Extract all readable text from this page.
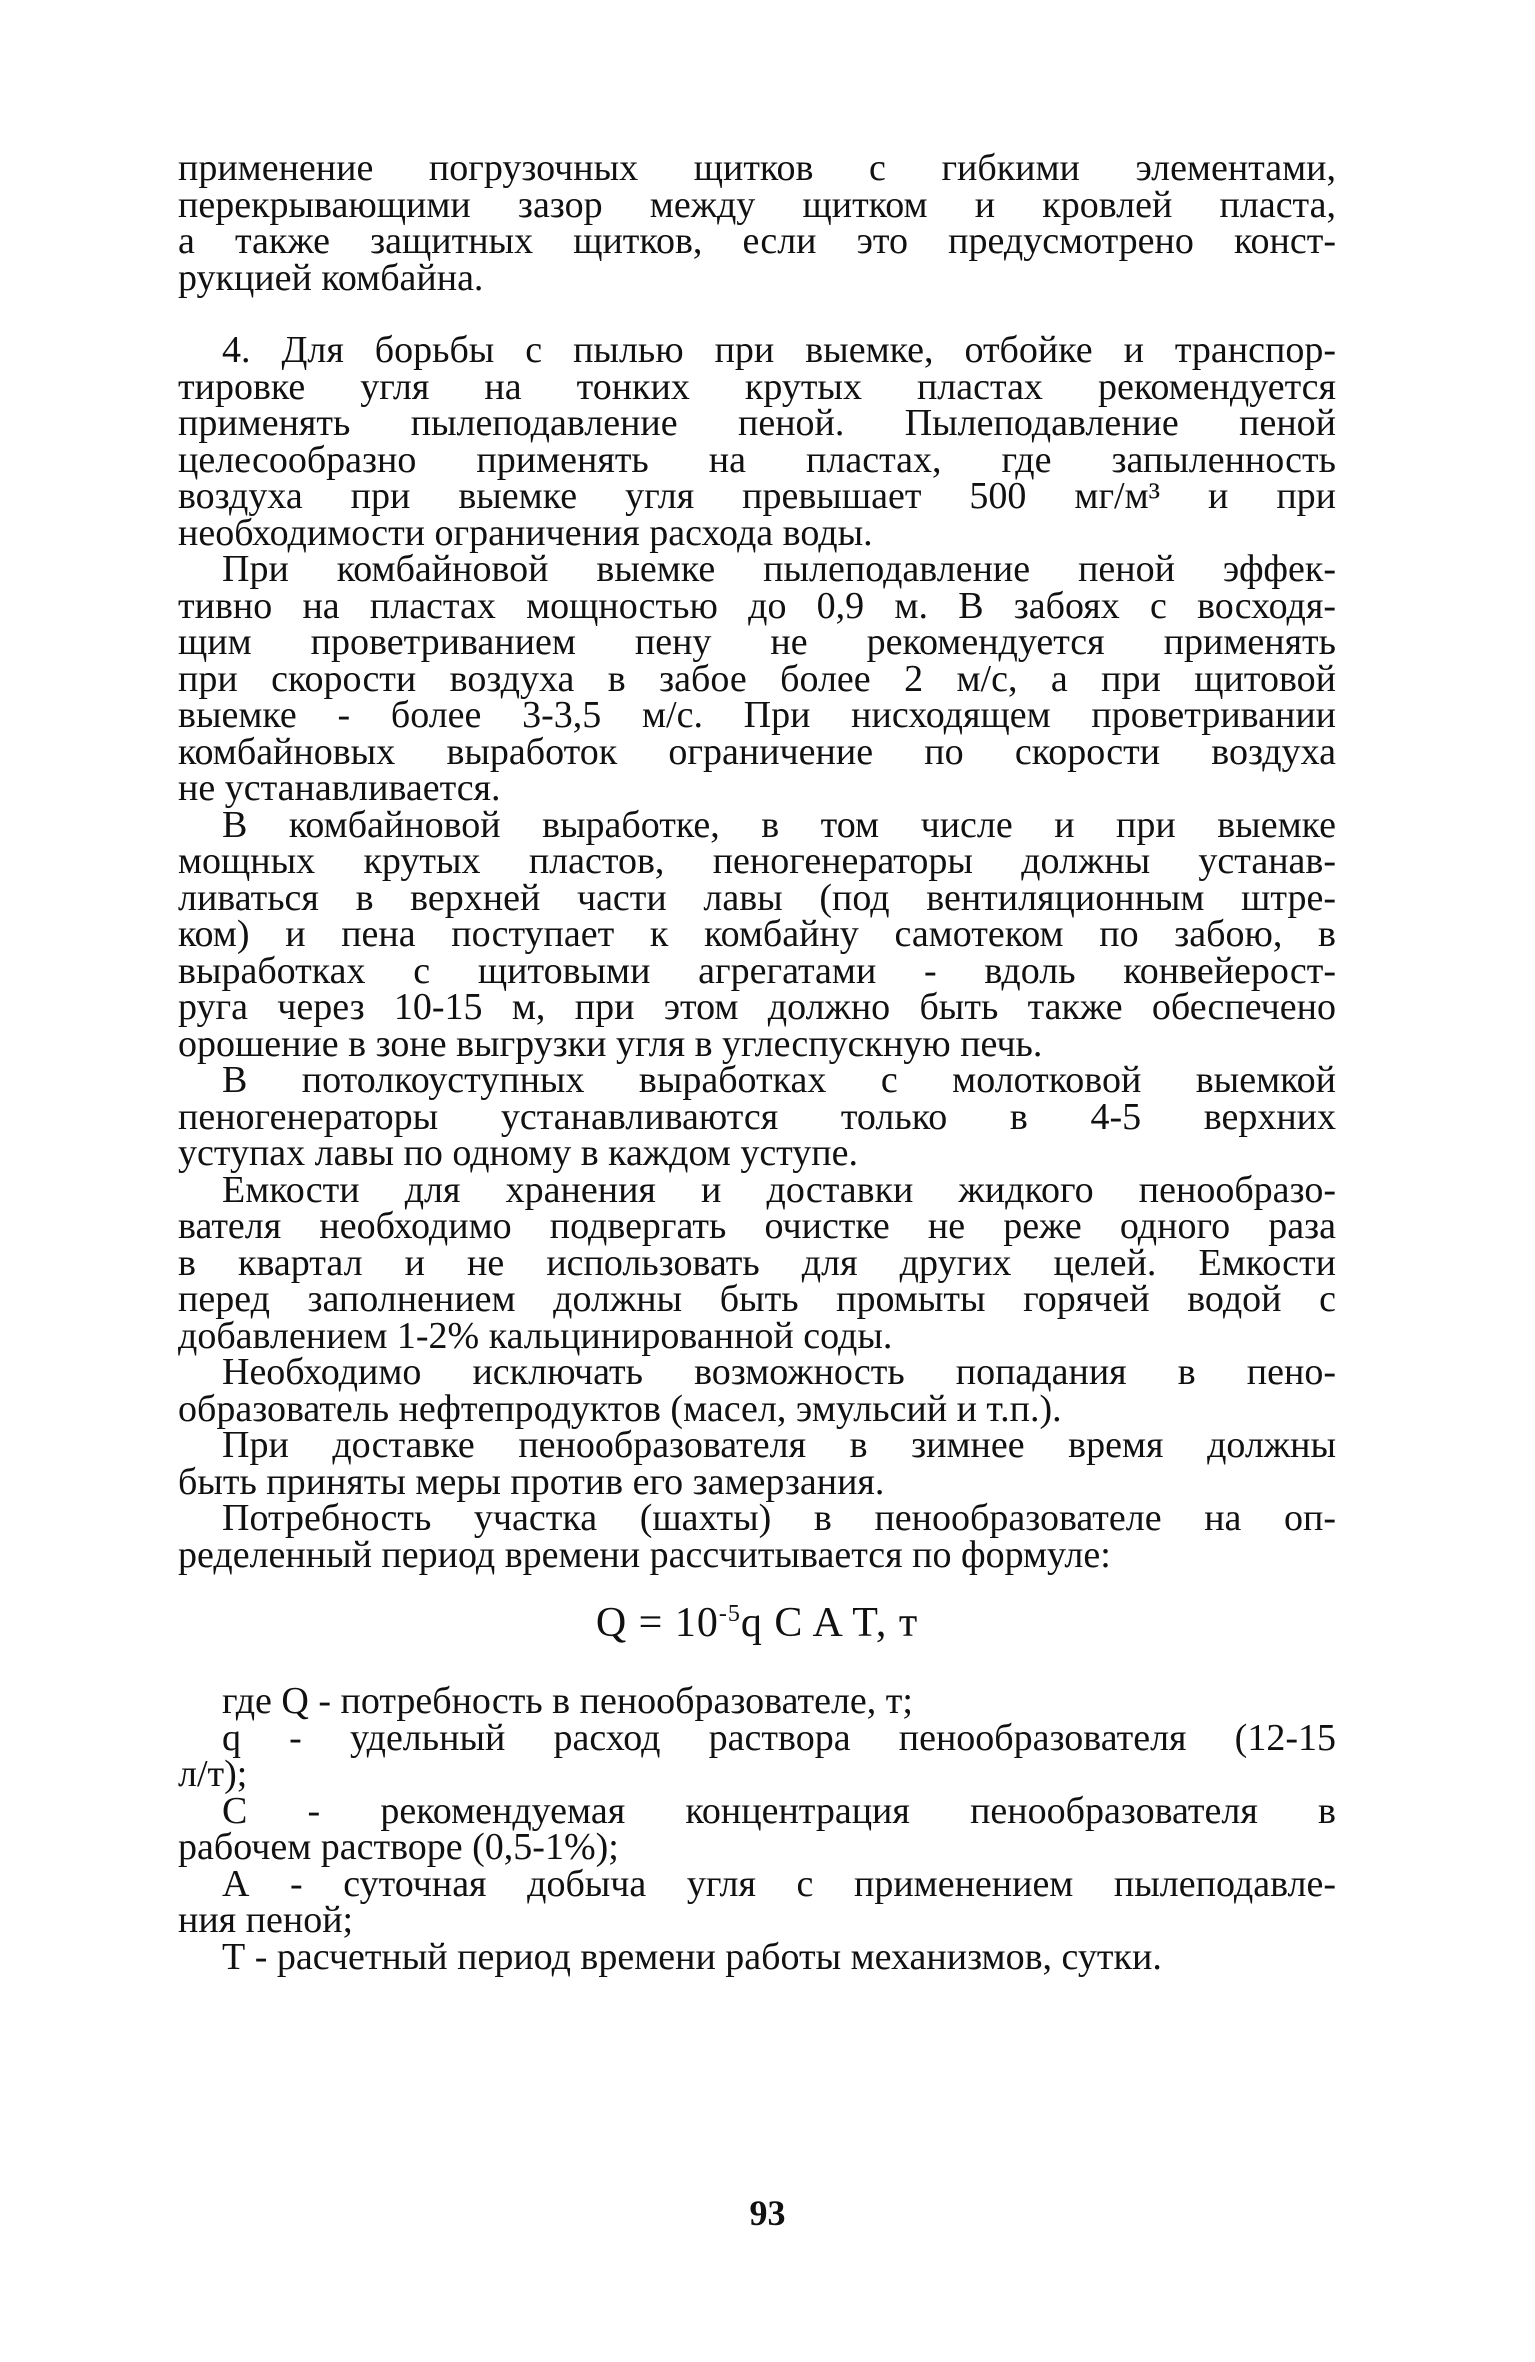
применение погрузочных щитков с гибкими элементами,
перекрывающими зазор между щитком и кровлей пласта,
а также защитных щитков, если это предусмотрено конст-
рукцией комбайна.
4. Для борьбы с пылью при выемке, отбойке и транспор-
тировке угля на тонких крутых пластах рекомендуется
применять пылеподавление пеной. Пылеподавление пеной
целесообразно применять на пластах, где запыленность
воздуха при выемке угля превышает 500 мг/м³ и при
необходимости ограничения расхода воды.
При комбайновой выемке пылеподавление пеной эффек-
тивно на пластах мощностью до 0,9 м. В забоях с восходя-
щим проветриванием пену не рекомендуется применять
при скорости воздуха в забое более 2 м/с, а при щитовой
выемке - более 3-3,5 м/с. При нисходящем проветривании
комбайновых выработок ограничение по скорости воздуха
не устанавливается.
В комбайновой выработке, в том числе и при выемке
мощных крутых пластов, пеногенераторы должны устанав-
ливаться в верхней части лавы (под вентиляционным штре-
ком) и пена поступает к комбайну самотеком по забою, в
выработках с щитовыми агрегатами - вдоль конвейерост-
руга через 10-15 м, при этом должно быть также обеспечено
орошение в зоне выгрузки угля в углеспускную печь.
В потолкоуступных выработках с молотковой выемкой
пеногенераторы устанавливаются только в 4-5 верхних
уступах лавы по одному в каждом уступе.
Емкости для хранения и доставки жидкого пенообразо-
вателя необходимо подвергать очистке не реже одного раза
в квартал и не использовать для других целей. Емкости
перед заполнением должны быть промыты горячей водой с
добавлением 1-2% кальцинированной соды.
Необходимо исключать возможность попадания в пено-
образователь нефтепродуктов (масел, эмульсий и т.п.).
При доставке пенообразователя в зимнее время должны
быть приняты меры против его замерзания.
Потребность участка (шахты) в пенообразователе на оп-
ределенный период времени рассчитывается по формуле:
$Q = 10^{-5}q$ C A T, т
где Q - потребность в пенообразователе, т;
q - удельный расход раствора пенообразователя (12-15
л/т);
С - рекомендуемая концентрация пенообразователя в
рабочем растворе (0,5-1%);
А - суточная добыча угля с применением пылеподавле-
ния пеной;
Т - расчетный период времени работы механизмов, сутки.
93
